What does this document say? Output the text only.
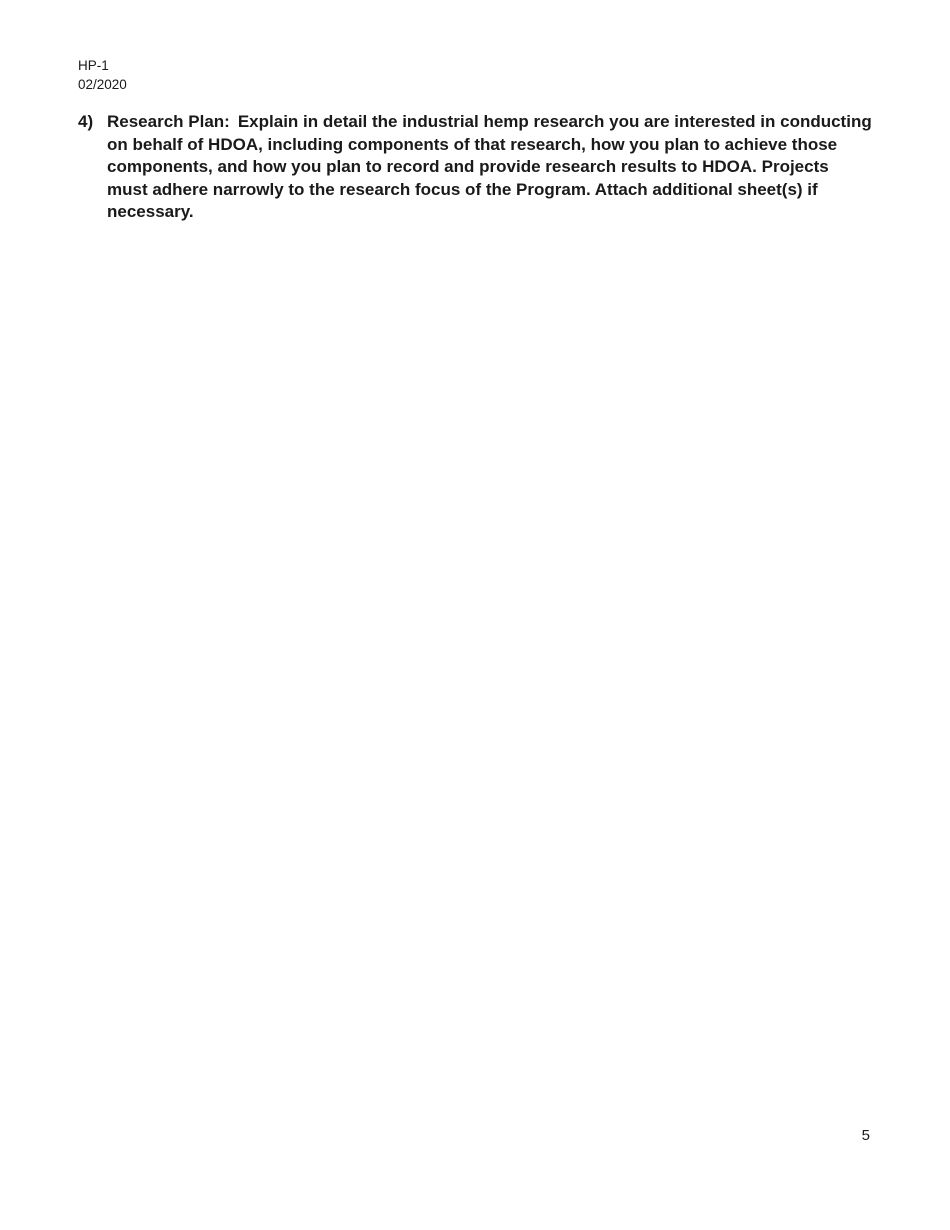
HP-1
02/2020
4) Research Plan: Explain in detail the industrial hemp research you are interested in conducting on behalf of HDOA, including components of that research, how you plan to achieve those components, and how you plan to record and provide research results to HDOA. Projects must adhere narrowly to the research focus of the Program. Attach additional sheet(s) if necessary.
5
